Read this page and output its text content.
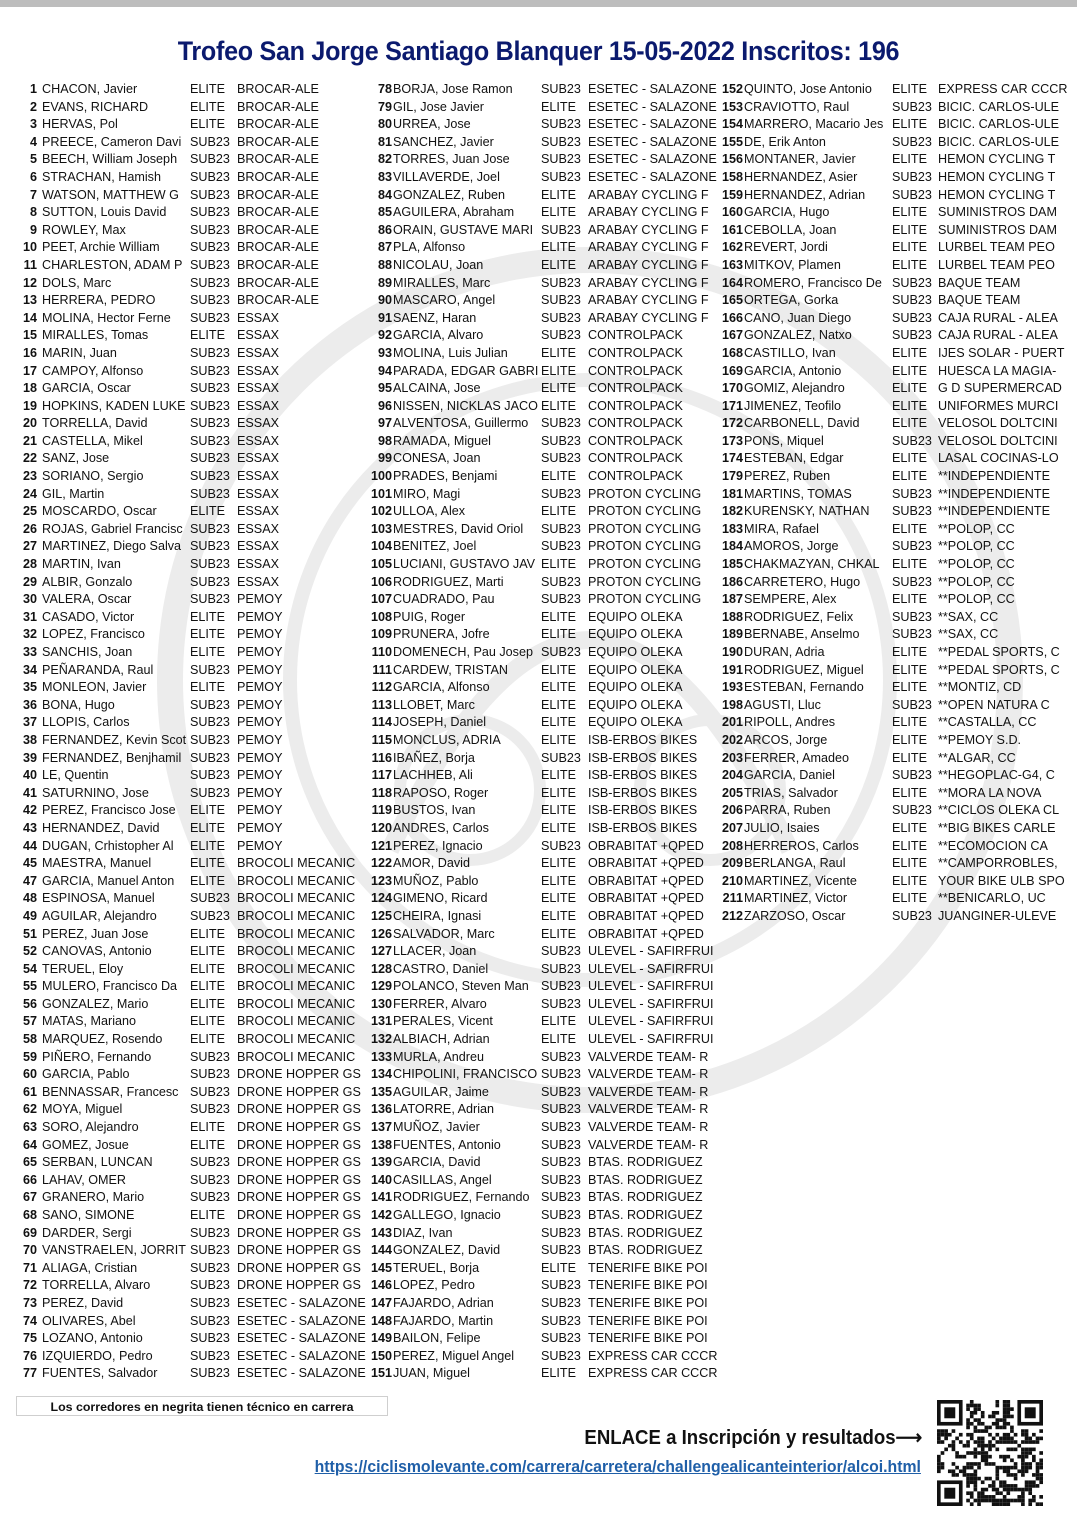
Trofeo San Jorge Santiago Blanquer 15-05-2022 Inscritos: 196
1 CHACON, Javier	ELITE BROCAR-ALE
2 EVANS, RICHARD	ELITE BROCAR-ALE
3 HERVAS, Pol	ELITE BROCAR-ALE
4 PREECE, Cameron Davi SUB23 BROCAR-ALE
5 BEECH, William Joseph SUB23 BROCAR-ALE
6 STRACHAN, Hamish SUB23 BROCAR-ALE
7 WATSON, MATTHEW G SUB23 BROCAR-ALE
8 SUTTON, Louis David SUB23 BROCAR-ALE
9 ROWLEY, Max	SUB23 BROCAR-ALE
10 PEET, Archie William SUB23 BROCAR-ALE
11 CHARLESTON, ADAM P SUB23 BROCAR-ALE
12 DOLS, Marc	SUB23 BROCAR-ALE
13 HERRERA, PEDRO	SUB23 BROCAR-ALE
14 MOLINA, Hector Ferne SUB23 ESSAX
15 MIRALLES, Tomas	ELITE ESSAX
16 MARIN, Juan	SUB23 ESSAX
17 CAMPOY, Alfonso	SUB23 ESSAX
18 GARCIA, Oscar	SUB23 ESSAX
19 HOPKINS, KADEN LUKE SUB23 ESSAX
20 TORRELLA, David	SUB23 ESSAX
21 CASTELLA, Mikel	SUB23 ESSAX
22 SANZ, Jose	SUB23 ESSAX
23 SORIANO, Sergio	SUB23 ESSAX
24 GIL, Martin	SUB23 ESSAX
25 MOSCARDO, Oscar	ELITE ESSAX
26 ROJAS, Gabriel Francisc SUB23 ESSAX
27 MARTINEZ, Diego Salva SUB23 ESSAX
28 MARTIN, Ivan	SUB23 ESSAX
29 ALBIR, Gonzalo	SUB23 ESSAX
30 VALERA, Oscar	SUB23 PEMOY
31 CASADO, Victor	ELITE PEMOY
32 LOPEZ, Francisco	ELITE PEMOY
33 SANCHIS, Joan	ELITE PEMOY
34 PEÑARANDA, Raul	SUB23 PEMOY
35 MONLEON, Javier	ELITE PEMOY
36 BONA, Hugo	SUB23 PEMOY
37 LLOPIS, Carlos	SUB23 PEMOY
38 FERNANDEZ, Kevin Scot SUB23 PEMOY
39 FERNANDEZ, Benjhamil SUB23 PEMOY
40 LE, Quentin	SUB23 PEMOY
41 SATURNINO, Jose	SUB23 PEMOY
42 PEREZ, Francisco Jose ELITE PEMOY
43 HERNANDEZ, David ELITE PEMOY
44 DUGAN, Crhistopher Al ELITE PEMOY
45 MAESTRA, Manuel	ELITE BROCOLI MECANIC
47 GARCIA, Manuel Anton ELITE BROCOLI MECANIC
48 ESPINOSA, Manuel	SUB23 BROCOLI MECANIC
49 AGUILAR, Alejandro	SUB23 BROCOLI MECANIC
51 PEREZ, Juan Jose	ELITE BROCOLI MECANIC
52 CANOVAS, Antonio	ELITE BROCOLI MECANIC
54 TERUEL, Eloy	ELITE BROCOLI MECANIC
55 MULERO, Francisco Da ELITE BROCOLI MECANIC
56 GONZALEZ, Mario	ELITE BROCOLI MECANIC
57 MATAS, Mariano	ELITE BROCOLI MECANIC
58 MARQUEZ, Rosendo ELITE BROCOLI MECANIC
59 PIÑERO, Fernando	SUB23 BROCOLI MECANIC
60 GARCIA, Pablo	SUB23 DRONE HOPPER GS
61 BENNASSAR, Francesc SUB23 DRONE HOPPER GS
62 MOYA, Miguel	SUB23 DRONE HOPPER GS
63 SORO, Alejandro	ELITE DRONE HOPPER GS
64 GOMEZ, Josue	ELITE DRONE HOPPER GS
65 SERBAN, LUNCAN	SUB23 DRONE HOPPER GS
66 LAHAV, OMER	SUB23 DRONE HOPPER GS
67 GRANERO, Mario	SUB23 DRONE HOPPER GS
68 SANO, SIMONE	ELITE DRONE HOPPER GS
69 DARDER, Sergi	SUB23 DRONE HOPPER GS
70 VANSTRAELEN, JORRIT SUB23 DRONE HOPPER GS
71 ALIAGA, Cristian	SUB23 DRONE HOPPER GS
72 TORRELLA, Alvaro	SUB23 DRONE HOPPER GS
73 PEREZ, David	SUB23 ESETEC - SALAZONE
74 OLIVARES, Abel	SUB23 ESETEC - SALAZONE
75 LOZANO, Antonio	SUB23 ESETEC - SALAZONE
76 IZQUIERDO, Pedro	SUB23 ESETEC - SALAZONE
77 FUENTES, Salvador	SUB23 ESETEC - SALAZONE
78 BORJA, Jose Ramon SUB23 ESETEC - SALAZONE
79 GIL, Jose Javier	ELITE ESETEC - SALAZONE
80 URREA, Jose	SUB23 ESETEC - SALAZONE
81 SANCHEZ, Javier	SUB23 ESETEC - SALAZONE
82 TORRES, Juan Jose SUB23 ESETEC - SALAZONE
83 VILLAVERDE, Joel	SUB23 ESETEC - SALAZONE
84 GONZALEZ, Ruben	ELITE ARABAY CYCLING F
85 AGUILERA, Abraham ELITE ARABAY CYCLING F
86 ORAIN, GUSTAVE MARI SUB23 ARABAY CYCLING F
87 PLA, Alfonso	ELITE ARABAY CYCLING F
88 NICOLAU, Joan	ELITE ARABAY CYCLING F
89 MIRALLES, Marc	SUB23 ARABAY CYCLING F
90 MASCARO, Angel	SUB23 ARABAY CYCLING F
91 SAENZ, Haran	SUB23 ARABAY CYCLING F
92 GARCIA, Alvaro	SUB23 CONTROLPACK
93 MOLINA, Luis Julian	ELITE CONTROLPACK
94 PARADA, EDGAR GABRI ELITE CONTROLPACK
95 ALCAINA, Jose	ELITE CONTROLPACK
96 NISSEN, NICKLAS JACO ELITE CONTROLPACK
97 ALVENTOSA, Guillermo SUB23 CONTROLPACK
98 RAMADA, Miguel	SUB23 CONTROLPACK
99 CONESA, Joan	SUB23 CONTROLPACK
100 PRADES, Benjami	ELITE CONTROLPACK
101 MIRO, Magi	SUB23 PROTON CYCLING
102 ULLOA, Alex	ELITE PROTON CYCLING
103 MESTRES, David Oriol SUB23 PROTON CYCLING
104 BENITEZ, Joel	SUB23 PROTON CYCLING
105 LUCIANI, GUSTAVO JAV ELITE PROTON CYCLING
106 RODRIGUEZ, Marti	SUB23 PROTON CYCLING
107 CUADRADO, Pau	SUB23 PROTON CYCLING
108 PUIG, Roger	ELITE EQUIPO OLEKA
109 PRUNERA, Jofre	ELITE EQUIPO OLEKA
110 DOMENECH, Pau Josep SUB23 EQUIPO OLEKA
111 CARDEW, TRISTAN	ELITE EQUIPO OLEKA
112 GARCIA, Alfonso	ELITE EQUIPO OLEKA
113 LLOBET, Marc	ELITE EQUIPO OLEKA
114 JOSEPH, Daniel	ELITE EQUIPO OLEKA
115 MONCLUS, ADRIA	ELITE ISB-ERBOS BIKES
116 IBAÑEZ, Borja	SUB23 ISB-ERBOS BIKES
117 LACHHEB, Ali	ELITE ISB-ERBOS BIKES
118 RAPOSO, Roger	ELITE ISB-ERBOS BIKES
119 BUSTOS, Ivan	ELITE ISB-ERBOS BIKES
120 ANDRES, Carlos	ELITE ISB-ERBOS BIKES
121 PEREZ, Ignacio	SUB23 OBRABITAT +QPED
122 AMOR, David	ELITE OBRABITAT +QPED
123 MUÑOZ, Pablo	ELITE OBRABITAT +QPED
124 GIMENO, Ricard	ELITE OBRABITAT +QPED
125 CHEIRA, Ignasi	ELITE OBRABITAT +QPED
126 SALVADOR, Marc	ELITE OBRABITAT +QPED
127 LLACER, Joan	SUB23 ULEVEL - SAFIRFRUI
128 CASTRO, Daniel	SUB23 ULEVEL - SAFIRFRUI
129 POLANCO, Steven Man SUB23 ULEVEL - SAFIRFRUI
130 FERRER, Alvaro	SUB23 ULEVEL - SAFIRFRUI
131 PERALES, Vicent	ELITE ULEVEL - SAFIRFRUI
132 ALBIACH, Adrian	ELITE ULEVEL - SAFIRFRUI
133 MURLA, Andreu	SUB23 VALVERDE TEAM- R
134 CHIPOLINI, FRANCISCO SUB23 VALVERDE TEAM- R
135 AGUILAR, Jaime	SUB23 VALVERDE TEAM- R
136 LATORRE, Adrian	SUB23 VALVERDE TEAM- R
137 MUÑOZ, Javier	SUB23 VALVERDE TEAM- R
138 FUENTES, Antonio	SUB23 VALVERDE TEAM- R
139 GARCIA, David	SUB23 BTAS. RODRIGUEZ
140 CASILLAS, Angel	SUB23 BTAS. RODRIGUEZ
141 RODRIGUEZ, Fernando SUB23 BTAS. RODRIGUEZ
142 GALLEGO, Ignacio	SUB23 BTAS. RODRIGUEZ
143 DIAZ, Ivan	SUB23 BTAS. RODRIGUEZ
144 GONZALEZ, David	SUB23 BTAS. RODRIGUEZ
145 TERUEL, Borja	ELITE TENERIFE BIKE POI
146 LOPEZ, Pedro	SUB23 TENERIFE BIKE POI
147 FAJARDO, Adrian	SUB23 TENERIFE BIKE POI
148 FAJARDO, Martin	SUB23 TENERIFE BIKE POI
149 BAILON, Felipe	SUB23 TENERIFE BIKE POI
150 PEREZ, Miguel Angel SUB23 EXPRESS CAR CCCR
151 JUAN, Miguel	ELITE EXPRESS CAR CCCR
152 QUINTO, Jose Antonio ELITE EXPRESS CAR CCCR
153 CRAVIOTTO, Raul	SUB23 BICIC. CARLOS-ULE
154 MARRERO, Macario Jes ELITE BICIC. CARLOS-ULE
155 DE, Erik Anton	SUB23 BICIC. CARLOS-ULE
156 MONTANER, Javier	ELITE HEMON CYCLING T
158 HERNANDEZ, Asier	SUB23 HEMON CYCLING T
159 HERNANDEZ, Adrian SUB23 HEMON CYCLING T
160 GARCIA, Hugo	ELITE SUMINISTROS DAM
161 CEBOLLA, Joan	ELITE SUMINISTROS DAM
162 REVERT, Jordi	ELITE LURBEL TEAM PEO
163 MITKOV, Plamen	ELITE LURBEL TEAM PEO
164 ROMERO, Francisco De SUB23 BAQUE TEAM
165 ORTEGA, Gorka	SUB23 BAQUE TEAM
166 CANO, Juan Diego	SUB23 CAJA RURAL - ALEA
167 GONZALEZ, Natxo	SUB23 CAJA RURAL - ALEA
168 CASTILLO, Ivan	ELITE IJES SOLAR - PUERT
169 GARCIA, Antonio	ELITE HUESCA LA MAGIA-
170 GOMIZ, Alejandro	ELITE G D SUPERMERCAD
171 JIMENEZ, Teofilo	ELITE UNIFORMES MURCI
172 CARBONELL, David	ELITE VELOSOL DOLTCINI
173 PONS, Miquel	SUB23 VELOSOL DOLTCINI
174 ESTEBAN, Edgar	ELITE LASAL COCINAS-LO
179 PEREZ, Ruben	ELITE **INDEPENDIENTE
181 MARTINS, TOMAS	SUB23 **INDEPENDIENTE
182 KURENSKY, NATHAN SUB23 **INDEPENDIENTE
183 MIRA, Rafael	ELITE **POLOP, CC
184 AMOROS, Jorge	SUB23 **POLOP, CC
185 CHAKMAZYAN, CHKAL ELITE **POLOP, CC
186 CARRETERO, Hugo	SUB23 **POLOP, CC
187 SEMPERE, Alex	ELITE **POLOP, CC
188 RODRIGUEZ, Felix	SUB23 **SAX, CC
189 BERNABE, Anselmo	SUB23 **SAX, CC
190 DURAN, Adria	ELITE **PEDAL SPORTS, C
191 RODRIGUEZ, Miguel ELITE **PEDAL SPORTS, C
193 ESTEBAN, Fernando ELITE **MONTIZ, CD
198 AGUSTI, Lluc	SUB23 **OPEN NATURA C
201 RIPOLL, Andres	ELITE **CASTALLA, CC
202 ARCOS, Jorge	ELITE **PEMOY S.D.
203 FERRER, Amadeo	ELITE **ALGAR, CC
204 GARCIA, Daniel	SUB23 **HEGOPLAC-G4, C
205 TRIAS, Salvador	ELITE **MORA LA NOVA
206 PARRA, Ruben	SUB23 **CICLOS OLEKA CL
207 JULIO, Isaies	ELITE **BIG BIKES CARLE
208 HERREROS, Carlos	ELITE **ECOMOCION CA
209 BERLANGA, Raul	ELITE **CAMPORROBLES,
210 MARTINEZ, Vicente	ELITE YOUR BIKE ULB SPO
211 MARTINEZ, Victor	ELITE **BENICARLO, UC
212 ZARZOSO, Oscar	SUB23 JUANGINER-ULEVE
Los corredores en negrita tienen técnico en carrera
ENLACE a Inscripción y resultados⟶
https://ciclismolevante.com/carrera/carretera/challengealicanteinterior/alcoi.html
